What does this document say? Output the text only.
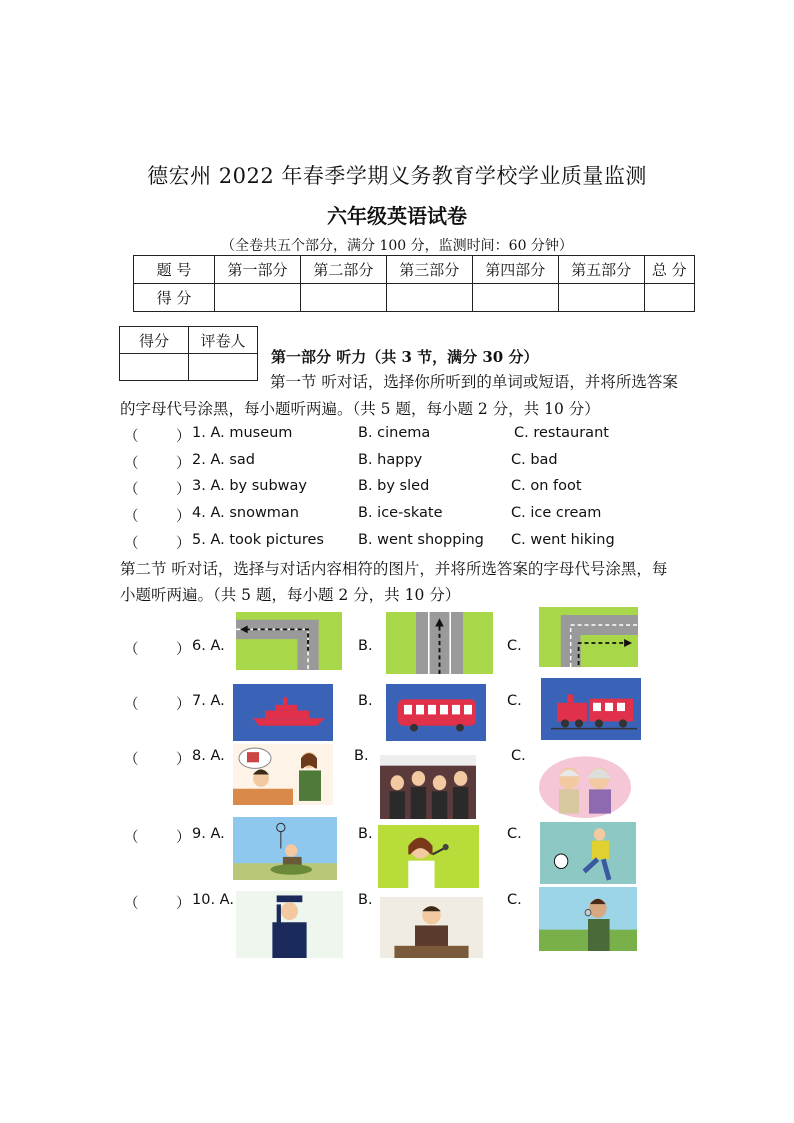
德宏州 2022 年春季学期义务教育学校学业质量监测
六年级英语试卷
（全卷共五个部分，满分 100 分，监测时间：60 分钟）
题 号	第一部分	第二部分	第三部分	第四部分	第五部分	总 分
得 分						
得分	评卷人

第一部分 听力（共 3 节，满分 30 分）
第一节 听对话，选择你所听到的单词或短语，并将所选答案
的字母代号涂黑，每小题听两遍。（共 5 题，每小题 2 分，共 10 分）
（	） 1. A. museum	B. cinema	C. restaurant
（	） 2. A. sad	B. happy	C. bad
（	） 3. A. by subway	B. by sled	C. on foot
（	） 4. A. snowman	B. ice-skate	C. ice cream
（	） 5. A. took pictures B. went shopping C. went hiking
第二节 听对话，选择与对话内容相符的图片，并将所选答案的字母代号涂黑，每
小题听两遍。（共 5 题，每小题 2 分，共 10 分）
（	） 6. A.	B.	C.
（	） 7. A.	B.	C.
（	） 8. A.	B.	C.
（	） 9. A.	B.	C.
（	） 10. A.	B.	C.
